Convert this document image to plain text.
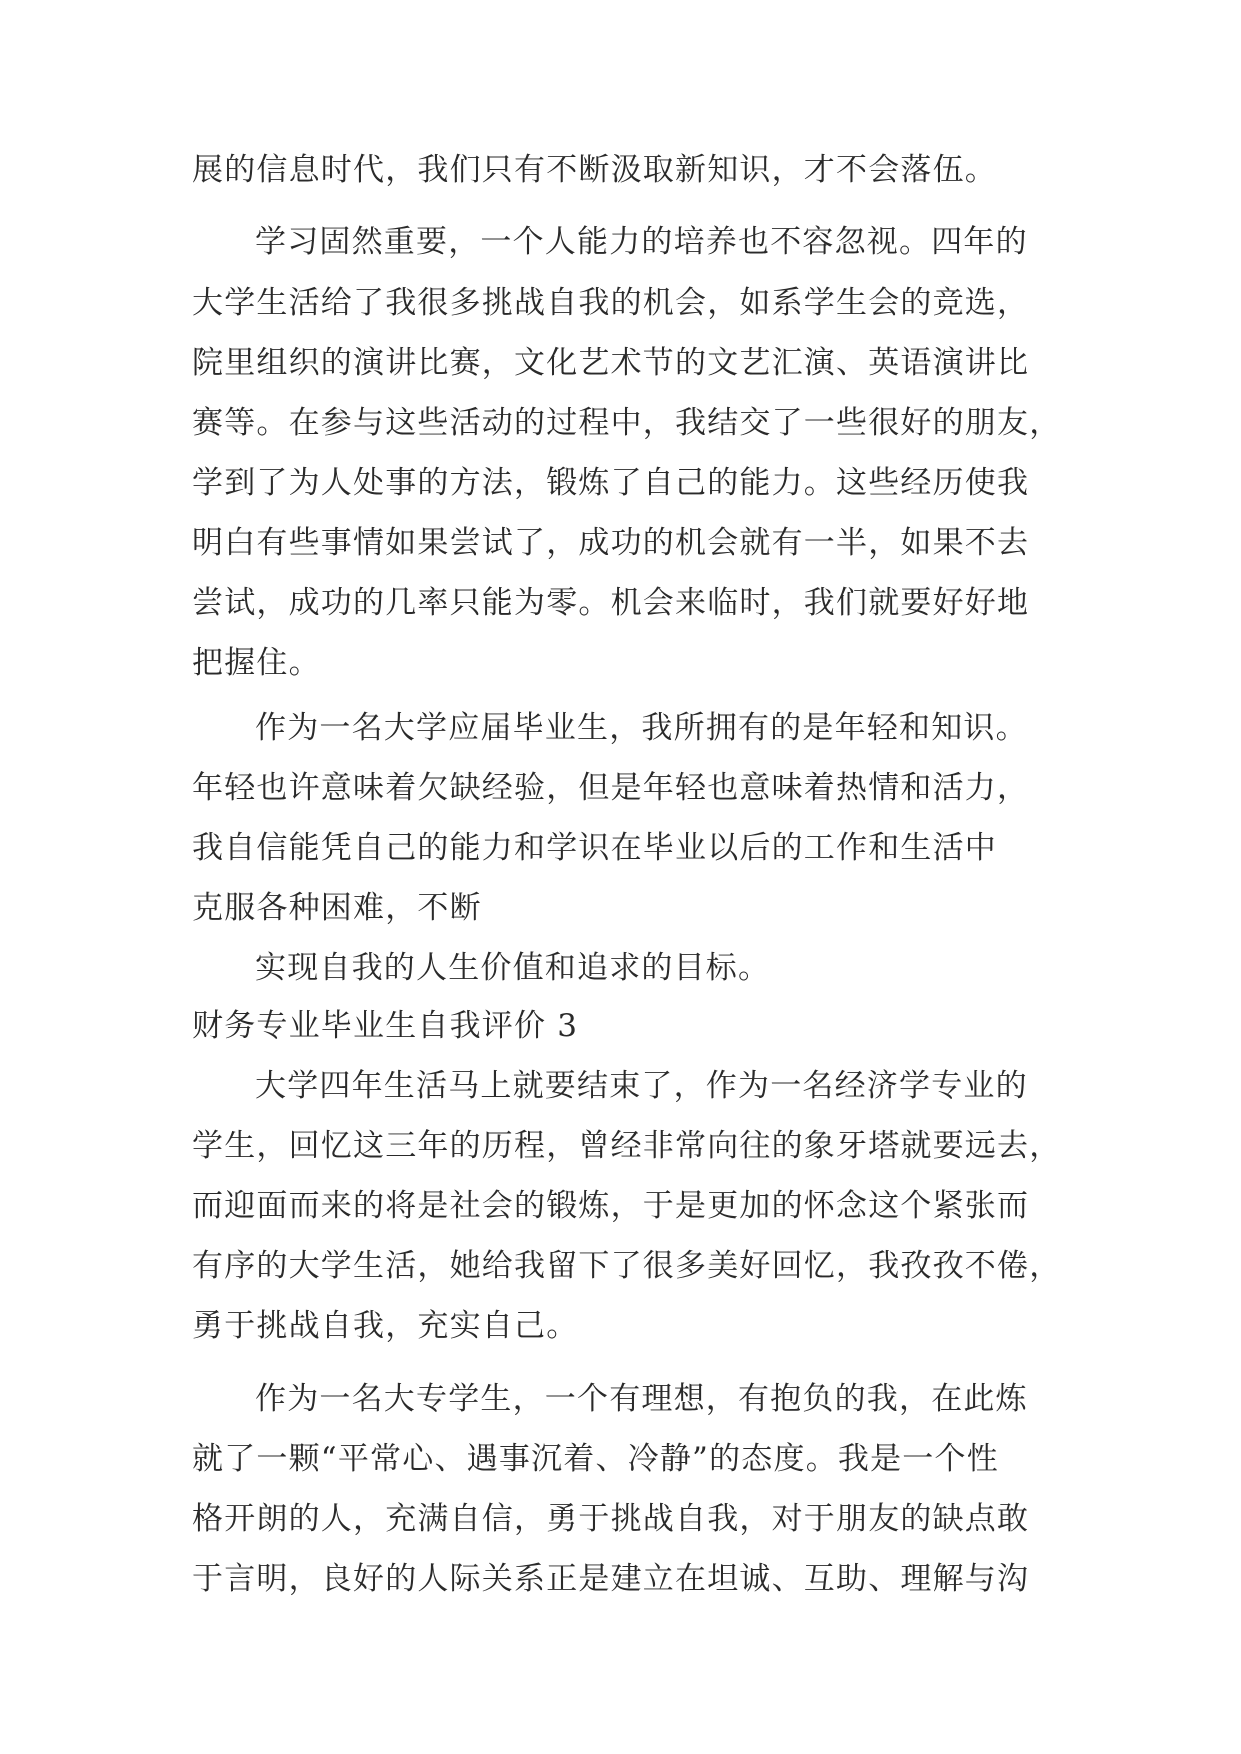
展的信息时代，我们只有不断汲取新知识，才不会落伍。
学习固然重要，一个人能力的培养也不容忽视。四年的
大学生活给了我很多挑战自我的机会，如系学生会的竞选，
院里组织的演讲比赛，文化艺术节的文艺汇演、英语演讲比
赛等。在参与这些活动的过程中，我结交了一些很好的朋友，
学到了为人处事的方法，锻炼了自己的能力。这些经历使我
明白有些事情如果尝试了，成功的机会就有一半，如果不去
尝试，成功的几率只能为零。机会来临时，我们就要好好地
把握住。
作为一名大学应届毕业生，我所拥有的是年轻和知识。
年轻也许意味着欠缺经验，但是年轻也意味着热情和活力，
我自信能凭自己的能力和学识在毕业以后的工作和生活中
克服各种困难，不断
实现自我的人生价值和追求的目标。
财务专业毕业生自我评价 3
大学四年生活马上就要结束了，作为一名经济学专业的
学生，回忆这三年的历程，曾经非常向往的象牙塔就要远去，
而迎面而来的将是社会的锻炼，于是更加的怀念这个紧张而
有序的大学生活，她给我留下了很多美好回忆，我孜孜不倦，
勇于挑战自我，充实自己。
作为一名大专学生，一个有理想，有抱负的我，在此炼
就了一颗“平常心、遇事沉着、冷静”的态度。我是一个性
格开朗的人，充满自信，勇于挑战自我，对于朋友的缺点敢
于言明，良好的人际关系正是建立在坦诚、互助、理解与沟
